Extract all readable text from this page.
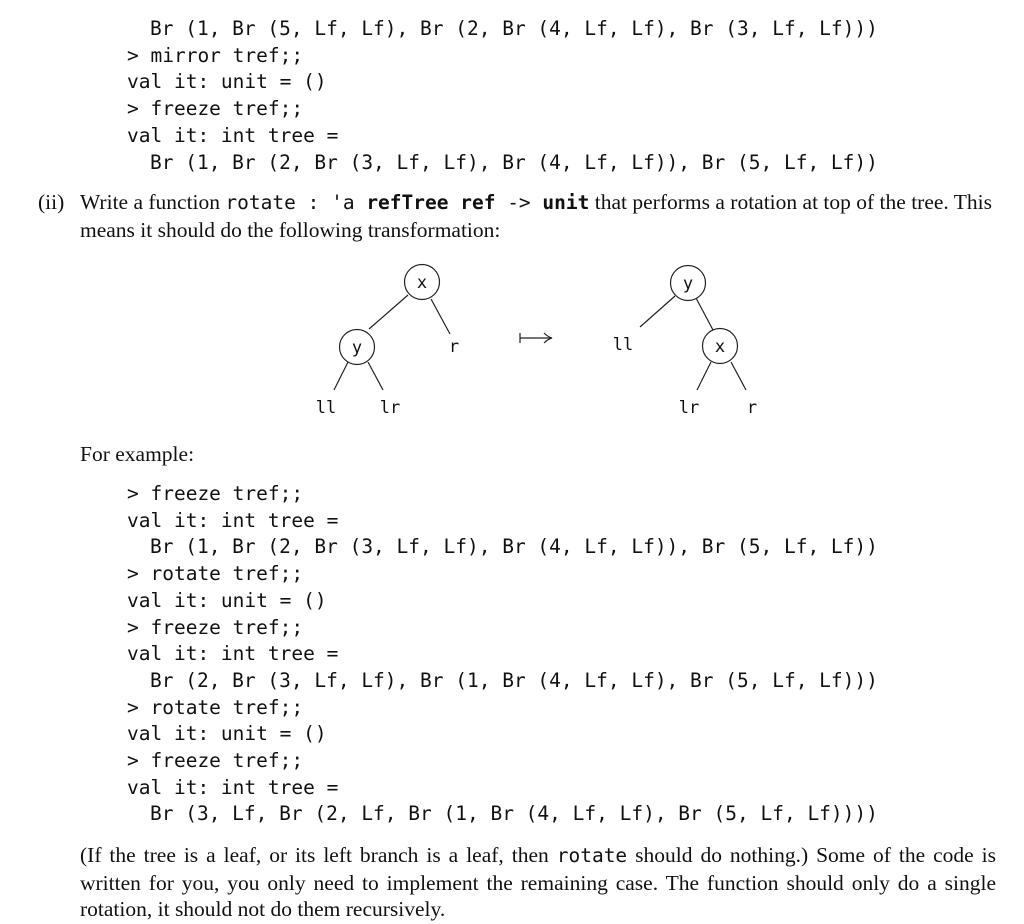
Br (1, Br (5, Lf, Lf), Br (2, Br (4, Lf, Lf), Br (3, Lf, Lf)))
> mirror tref;;
val it: unit = ()
> freeze tref;;
val it: int tree =
Br (1, Br (2, Br (3, Lf, Lf), Br (4, Lf, Lf)), Br (5, Lf, Lf))
(ii) Write a function rotate : 'a refTree ref -> unit that performs a rotation at top of the tree. This means it should do the following transformation:
x
y	r
ll	lr
y
x
ll
lr	r
For example:
> freeze tref;;
val it: int tree =
Br (1, Br (2, Br (3, Lf, Lf), Br (4, Lf, Lf)), Br (5, Lf, Lf))
> rotate tref;;
val it: unit = ()
> freeze tref;;
val it: int tree =
Br (2, Br (3, Lf, Lf), Br (1, Br (4, Lf, Lf), Br (5, Lf, Lf)))
> rotate tref;;
val it: unit = ()
> freeze tref;;
val it: int tree =
Br (3, Lf, Br (2, Lf, Br (1, Br (4, Lf, Lf), Br (5, Lf, Lf))))
(If the tree is a leaf, or its left branch is a leaf, then rotate should do nothing.) Some of the code is written for you, you only need to implement the remaining case. The function should only do a single rotation, it should not do them recursively.
